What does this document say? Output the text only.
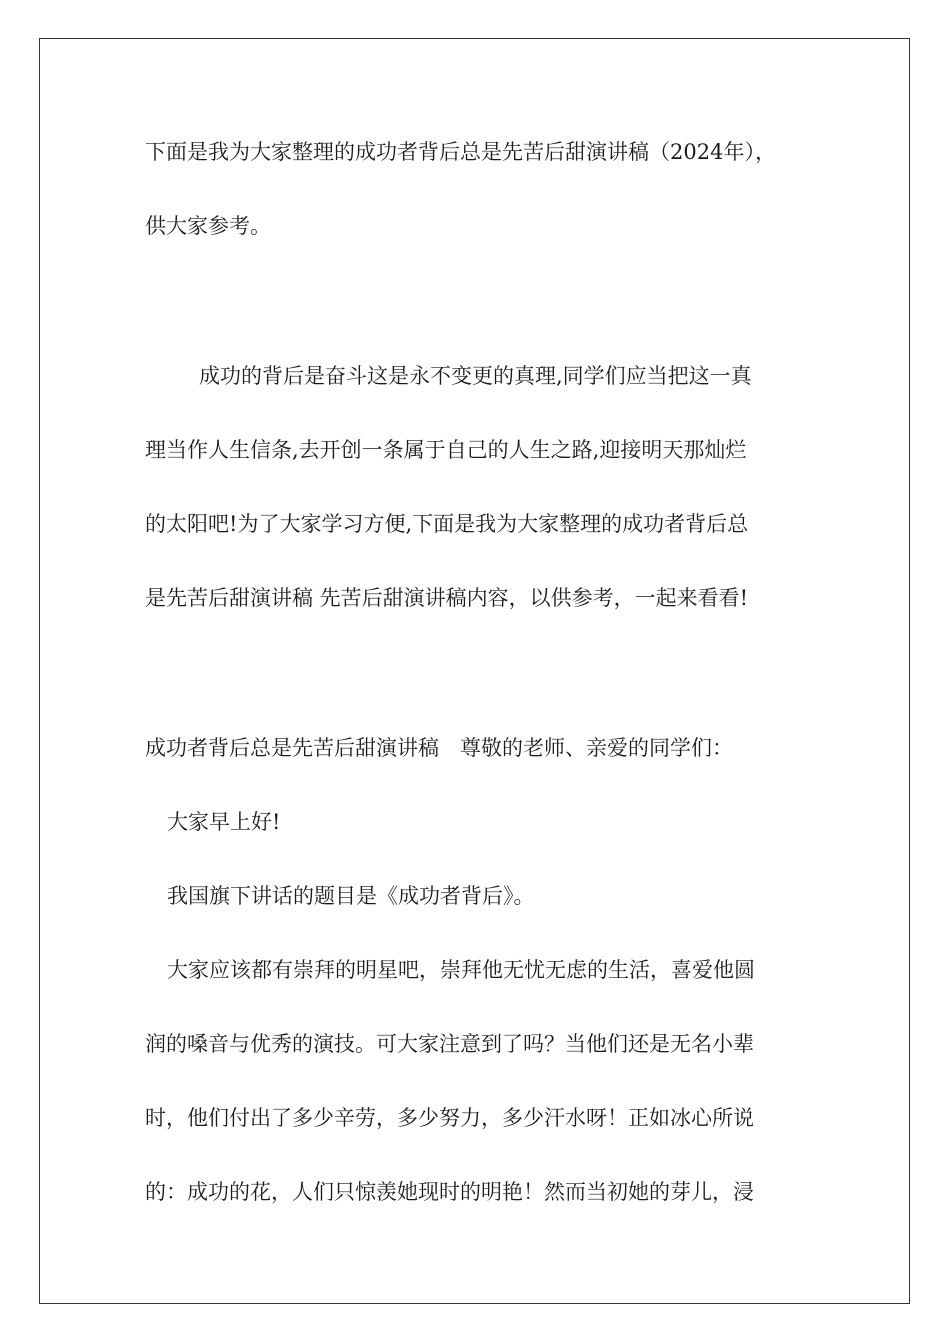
下面是我为大家整理的成功者背后总是先苦后甜演讲稿（2024年），
供大家参考。
成功的背后是奋斗这是永不变更的真理,同学们应当把这一真
理当作人生信条,去开创一条属于自己的人生之路,迎接明天那灿烂
的太阳吧!为了大家学习方便,下面是我为大家整理的成功者背后总
是先苦后甜演讲稿 先苦后甜演讲稿内容，以供参考，一起来看看!
成功者背后总是先苦后甜演讲稿　尊敬的老师、亲爱的同学们：
大家早上好!
我国旗下讲话的题目是《成功者背后》。
大家应该都有崇拜的明星吧，崇拜他无忧无虑的生活，喜爱他圆
润的嗓音与优秀的演技。可大家注意到了吗？当他们还是无名小辈
时，他们付出了多少辛劳，多少努力，多少汗水呀！正如冰心所说
的：成功的花，人们只惊羡她现时的明艳！然而当初她的芽儿，浸
